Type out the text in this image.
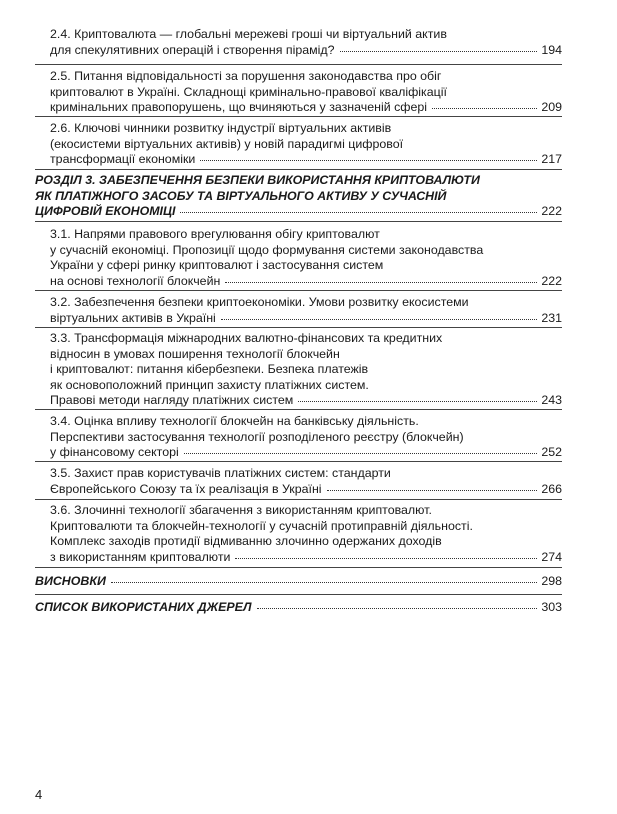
2.4. Криптовалюта — глобальні мережеві гроші чи віртуальний актив
для спекулятивних операцій і створення пірамід?	194
2.5. Питання відповідальності за порушення законодавства про обіг
криптовалют в Україні. Складнощі кримінально-правової кваліфікації
кримінальних правопорушень, що вчиняються у зазначеній сфері	209
2.6. Ключові чинники розвитку індустрії віртуальних активів
(екосистеми віртуальних активів) у новій парадигмі цифрової
трансформації економіки	217
РОЗДІЛ 3. ЗАБЕЗПЕЧЕННЯ БЕЗПЕКИ ВИКОРИСТАННЯ КРИПТОВАЛЮТИ
ЯК ПЛАТІЖНОГО ЗАСОБУ ТА ВІРТУАЛЬНОГО АКТИВУ У СУЧАСНІЙ
ЦИФРОВІЙ ЕКОНОМІЦІ	222
3.1. Напрями правового врегулювання обігу криптовалют
у сучасній економіці. Пропозиції щодо формування системи законодавства
України у сфері ринку криптовалют і застосування систем
на основі технології блокчейн	222
3.2. Забезпечення безпеки криптоекономіки. Умови розвитку екосистеми
віртуальних активів в Україні	231
3.3. Трансформація міжнародних валютно-фінансових та кредитних
відносин в умовах поширення технології блокчейн
і криптовалют: питання кібербезпеки. Безпека платежів
як основоположний принцип захисту платіжних систем.
Правові методи нагляду платіжних систем	243
3.4. Оцінка впливу технології блокчейн на банківську діяльність.
Перспективи застосування технології розподіленого реєстру (блокчейн)
у фінансовому секторі	252
3.5. Захист прав користувачів платіжних систем: стандарти
Європейського Союзу та їх реалізація в Україні	266
3.6. Злочинні технології збагачення з використанням криптовалют.
Криптовалюти та блокчейн-технології у сучасній протиправній діяльності.
Комплекс заходів протидії відмиванню злочинно одержаних доходів
з використанням криптовалюти	274
ВИСНОВКИ	298
СПИСОК ВИКОРИСТАНИХ ДЖЕРЕЛ	303
4
